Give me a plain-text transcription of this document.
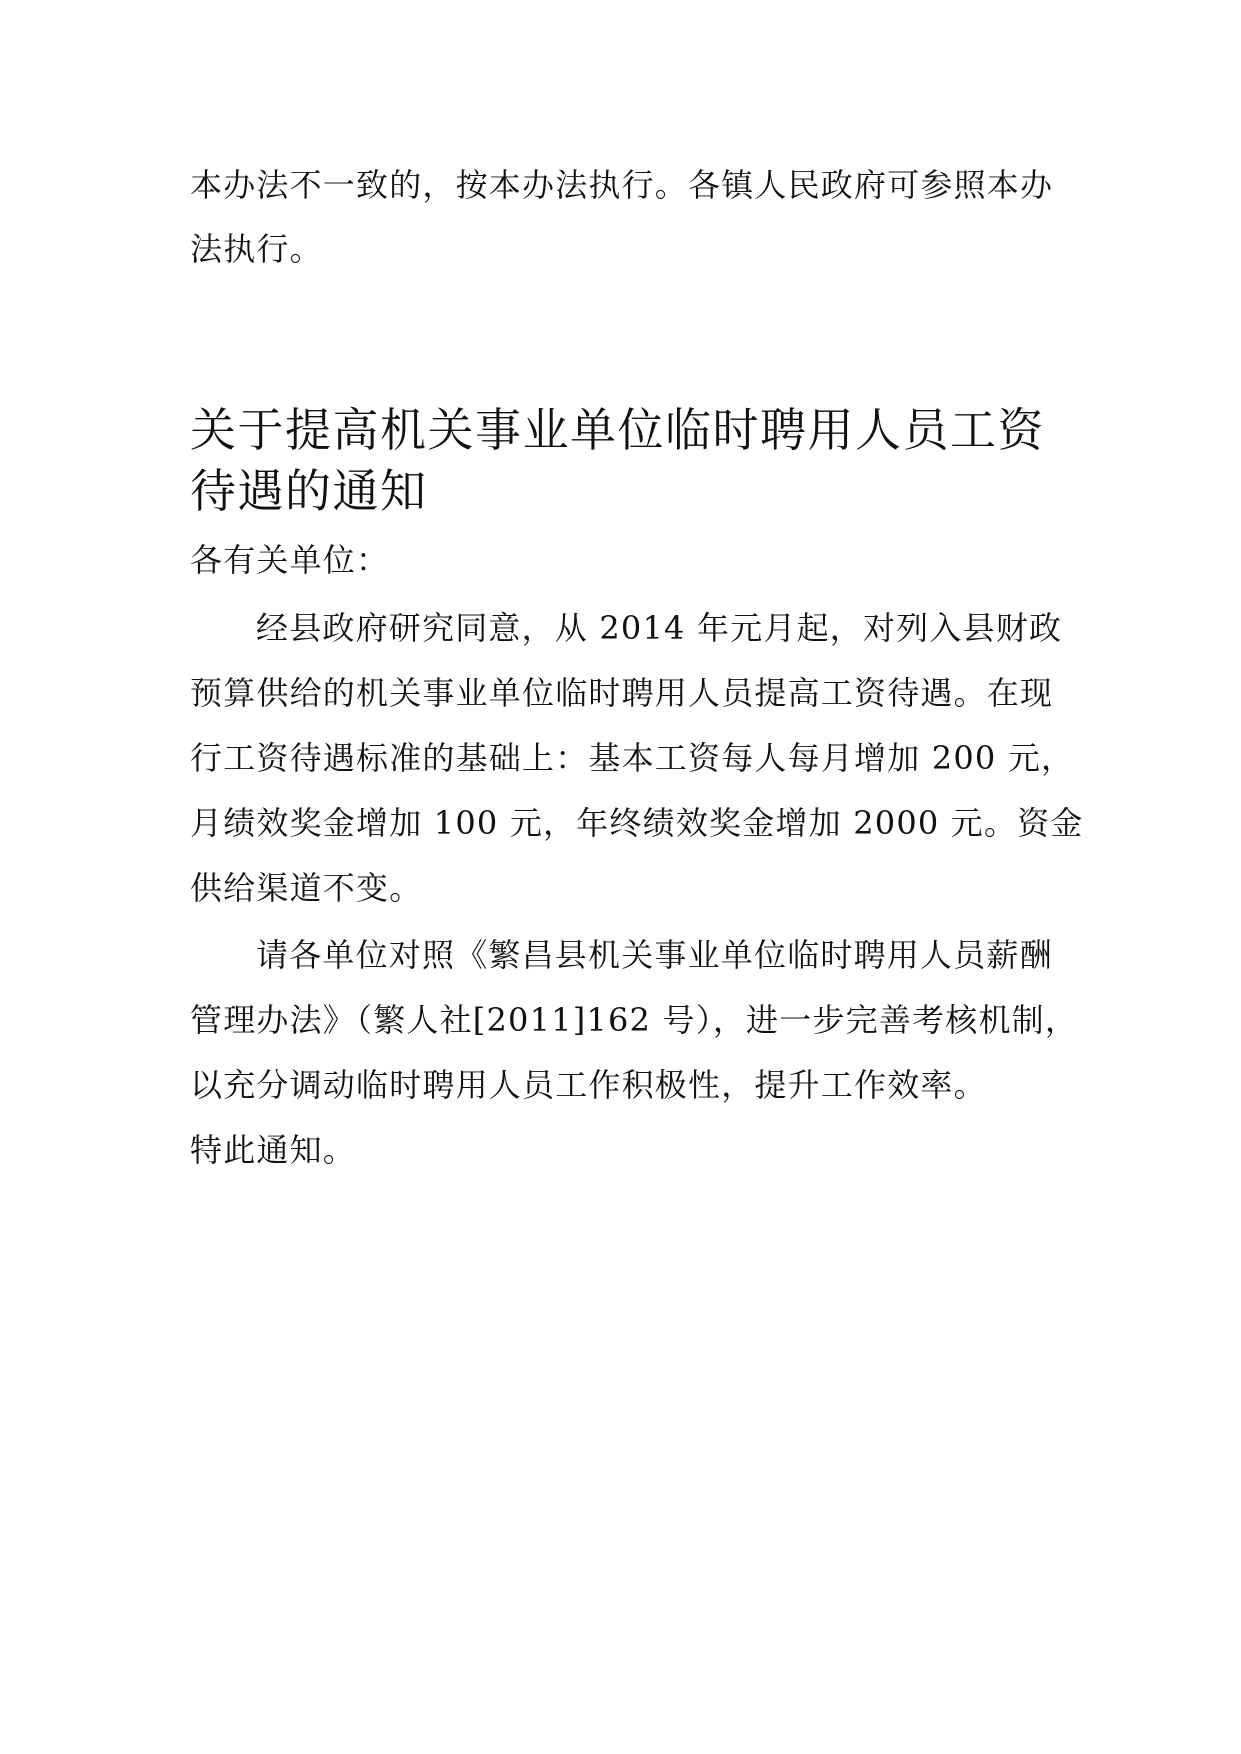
本办法不一致的，按本办法执行。各镇人民政府可参照本办
法执行。
关于提高机关事业单位临时聘用人员工资
待遇的通知
各有关单位：
经县政府研究同意，从 2014 年元月起，对列入县财政
预算供给的机关事业单位临时聘用人员提高工资待遇。在现
行工资待遇标准的基础上：基本工资每人每月增加 200 元，
月绩效奖金增加 100 元，年终绩效奖金增加 2000 元。资金
供给渠道不变。
请各单位对照《繁昌县机关事业单位临时聘用人员薪酬
管理办法》（繁人社[2011]162 号），进一步完善考核机制，
以充分调动临时聘用人员工作积极性，提升工作效率。
特此通知。
